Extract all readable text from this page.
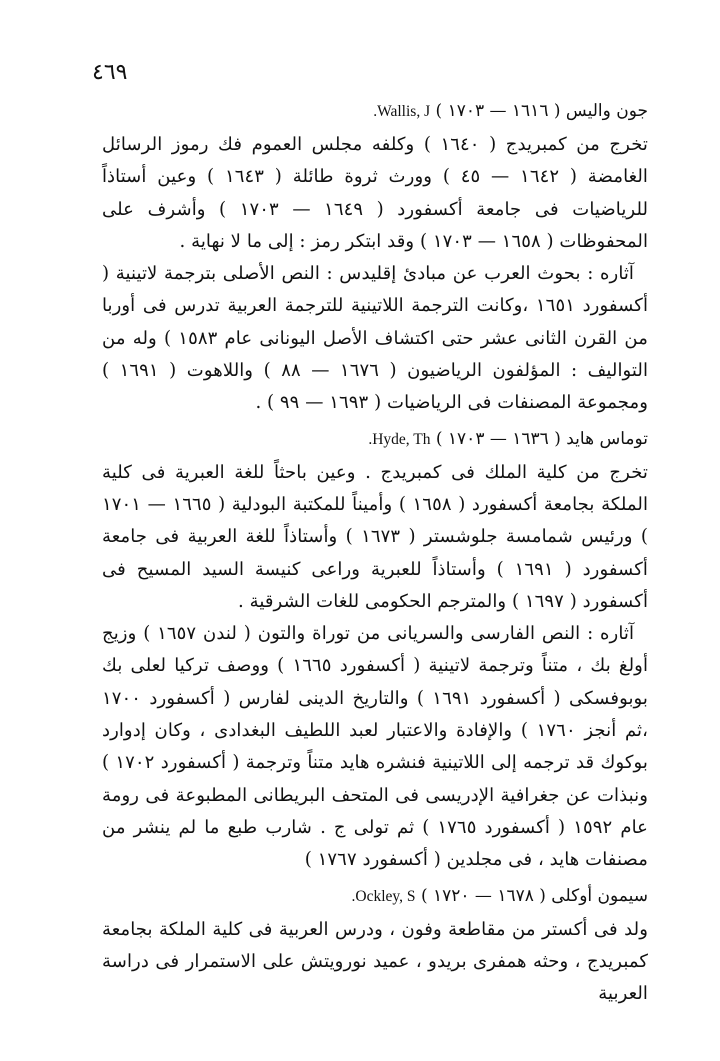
٤٦٩
جون واليس ( ١٦١٦ — ١٧٠٣ ) Wallis, J.

تخرج من كمبريدج ( ١٦٤٠ ) وكلفه مجلس العموم فك رموز الرسائل الغامضة ( ١٦٤٢ — ٤٥ ) وورث ثروة طائلة ( ١٦٤٣ ) وعين أستاذاً للرياضيات فى جامعة أكسفورد ( ١٦٤٩ — ١٧٠٣ ) وأشرف على المحفوظات ( ١٦٥٨ — ١٧٠٣ ) وقد ابتكر رمز : إلى ما لا نهاية .

آثاره : بحوث العرب عن مبادئ إقليدس : النص الأصلى بترجمة لاتينية ( أكسفورد ١٦٥١ ،وكانت الترجمة اللاتينية للترجمة العربية تدرس فى أوربا من القرن الثانى عشر حتى اكتشاف الأصل اليونانى عام ١٥٨٣ ) وله من التواليف : المؤلفون الرياضيون ( ١٦٧٦ — ٨٨ ) واللاهوت ( ١٦٩١ ) ومجموعة المصنفات فى الرياضيات ( ١٦٩٣ — ٩٩ ) .

توماس هايد ( ١٦٣٦ — ١٧٠٣ ) Hyde, Th.

تخرج من كلية الملك فى كمبريدج . وعين باحثاً للغة العبرية فى كلية الملكة بجامعة أكسفورد ( ١٦٥٨ ) وأميناً للمكتبة البودلية ( ١٦٦٥ — ١٧٠١ ) ورئيس شمامسة جلوشستر ( ١٦٧٣ ) وأستاذاً للغة العربية فى جامعة أكسفورد ( ١٦٩١ ) وأستاذاً للعبرية وراعى كنيسة السيد المسيح فى أكسفورد ( ١٦٩٧ ) والمترجم الحكومى للغات الشرقية .

آثاره : النص الفارسى والسريانى من توراة والتون ( لندن ١٦٥٧ ) وزيج أولغ بك ، متناً وترجمة لاتينية ( أكسفورد ١٦٦٥ ) ووصف تركيا لعلى بك بوبوفسكى ( أكسفورد ١٦٩١ ) والتاريخ الدينى لفارس ( أكسفورد ١٧٠٠ ،ثم أنجز ١٧٦٠ ) والإفادة والاعتبار لعبد اللطيف البغدادى ، وكان إدوارد بوكوك قد ترجمه إلى اللاتينية فنشره هايد متناً وترجمة ( أكسفورد ١٧٠٢ ) ونبذات عن جغرافية الإدريسى فى المتحف البريطانى المطبوعة فى رومة عام ١٥٩٢ ( أكسفورد ١٧٦٥ ) ثم تولى ج . شارب طبع ما لم ينشر من مصنفات هايد ، فى مجلدين ( أكسفورد ١٧٦٧ )

سيمون أوكلى ( ١٦٧٨ — ١٧٢٠ ) Ockley, S.

ولد فى أكستر من مقاطعة وفون ، ودرس العربية فى كلية الملكة بجامعة كمبريدج ، وحثه همفرى بريدو ، عميد نورويتش على الاستمرار فى دراسة العربية
